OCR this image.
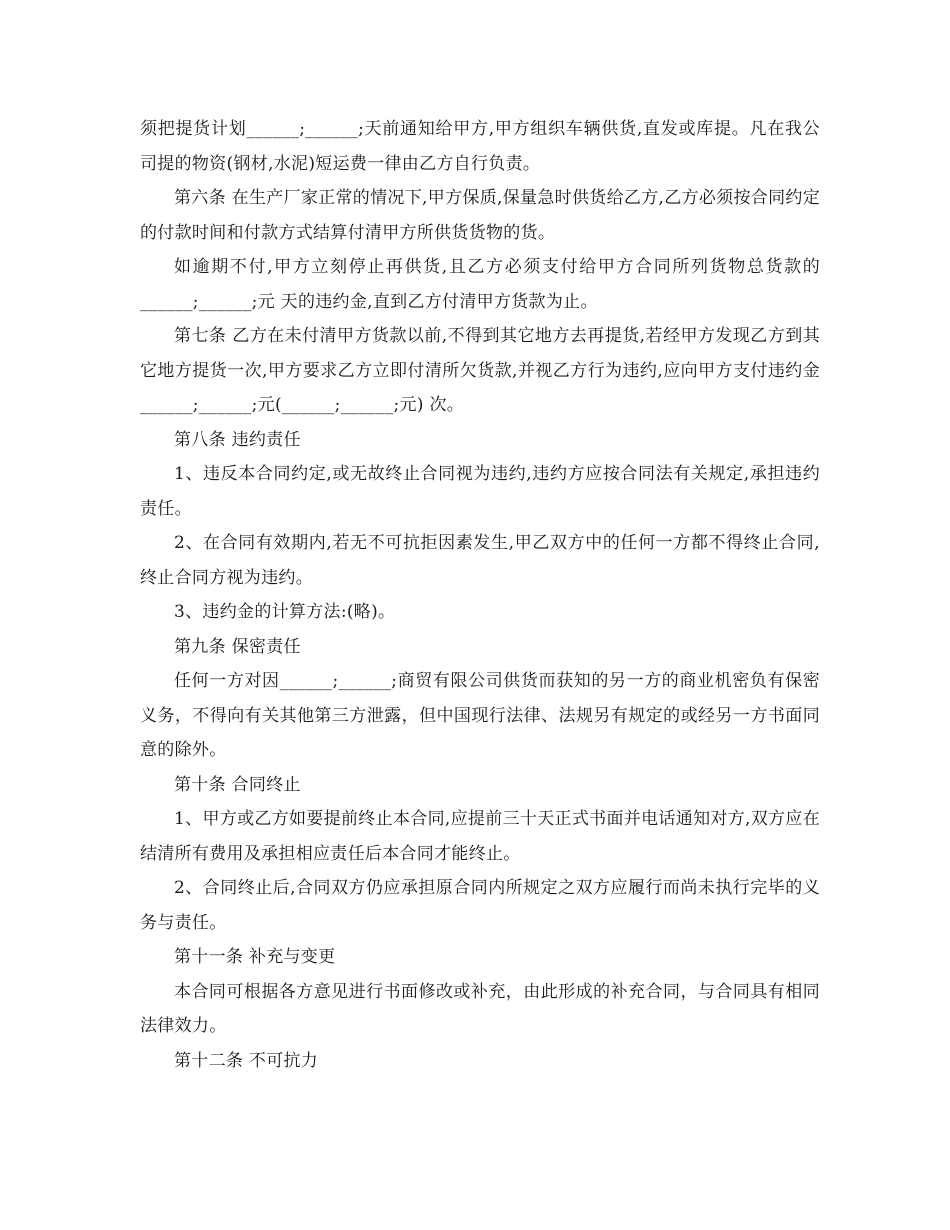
须把提货计划______;______;天前通知给甲方,甲方组织车辆供货,直发或库提。凡在我公司提的物资(钢材,水泥)短运费一律由乙方自行负责。

第六条 在生产厂家正常的情况下,甲方保质,保量急时供货给乙方,乙方必须按合同约定的付款时间和付款方式结算付清甲方所供货货物的货。

如逾期不付,甲方立刻停止再供货,且乙方必须支付给甲方合同所列货物总货款的______;______;元 天的违约金,直到乙方付清甲方货款为止。

第七条 乙方在未付清甲方货款以前,不得到其它地方去再提货,若经甲方发现乙方到其它地方提货一次,甲方要求乙方立即付清所欠货款,并视乙方行为违约,应向甲方支付违约金______;______;元(______;______;元) 次。

第八条 违约责任

1、违反本合同约定,或无故终止合同视为违约,违约方应按合同法有关规定,承担违约责任。

2、在合同有效期内,若无不可抗拒因素发生,甲乙双方中的任何一方都不得终止合同,终止合同方视为违约。

3、违约金的计算方法:(略)。

第九条 保密责任

任何一方对因______;______;商贸有限公司供货而获知的另一方的商业机密负有保密义务，不得向有关其他第三方泄露，但中国现行法律、法规另有规定的或经另一方书面同意的除外。

第十条 合同终止

1、甲方或乙方如要提前终止本合同,应提前三十天正式书面并电话通知对方,双方应在结清所有费用及承担相应责任后本合同才能终止。

2、合同终止后,合同双方仍应承担原合同内所规定之双方应履行而尚未执行完毕的义务与责任。

第十一条 补充与变更

本合同可根据各方意见进行书面修改或补充，由此形成的补充合同，与合同具有相同法律效力。

第十二条 不可抗力
